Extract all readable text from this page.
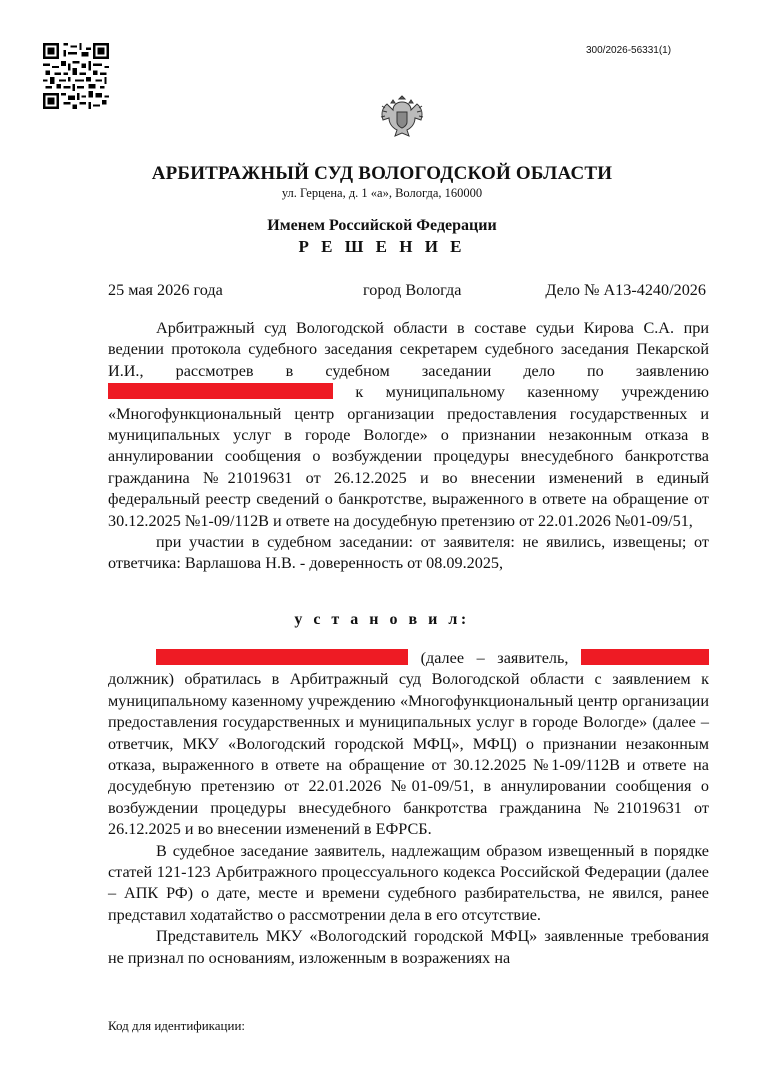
300/2026-56331(1)
АРБИТРАЖНЫЙ СУД ВОЛОГОДСКОЙ ОБЛАСТИ
ул. Герцена, д. 1 «а», Вологда, 160000
Именем Российской Федерации
Р Е Ш Е Н И Е
25 мая 2026 года	город Вологда	Дело № А13-4240/2026

Арбитражный суд Вологодской области в составе судьи Кирова С.А. при ведении протокола судебного заседания секретарем судебного заседания Пекарской И.И., рассмотрев в судебном заседании дело по заявлению  к муниципальному казенному учреждению «Многофункциональный центр организации предоставления государственных и муниципальных услуг в городе Вологде» о признании незаконным отказа в аннулировании сообщения о возбуждении процедуры внесудебного банкротства гражданина №21019631 от 26.12.2025 и во внесении изменений в единый федеральный реестр сведений о банкротстве, выраженного в ответе на обращение от 30.12.2025 №1-09/112В и ответе на досудебную претензию от 22.01.2026 №01-09/51,

при участии в судебном заседании: от заявителя: не явились, извещены; от ответчика: Варлашова Н.В. - доверенность от 08.09.2025,

у с т а н о в и л:

(далее – заявитель,  должник) обратилась в Арбитражный суд Вологодской области с заявлением к муниципальному казенному учреждению «Многофункциональный центр организации предоставления государственных и муниципальных услуг в городе Вологде» (далее – ответчик, МКУ «Вологодский городской МФЦ», МФЦ) о признании незаконным отказа, выраженного в ответе на обращение от 30.12.2025 №1-09/112В и ответе на досудебную претензию от 22.01.2026 №01-09/51, в аннулировании сообщения о возбуждении процедуры внесудебного банкротства гражданина №21019631 от 26.12.2025 и во внесении изменений в ЕФРСБ.

В судебное заседание заявитель, надлежащим образом извещенный в порядке статей 121-123 Арбитражного процессуального кодекса Российской Федерации (далее – АПК РФ) о дате, месте и времени судебного разбирательства, не явился, ранее представил ходатайство о рассмотрении дела в его отсутствие.

Представитель МКУ «Вологодский городской МФЦ» заявленные требования не признал по основаниям, изложенным в возражениях на

Код для идентификации:
